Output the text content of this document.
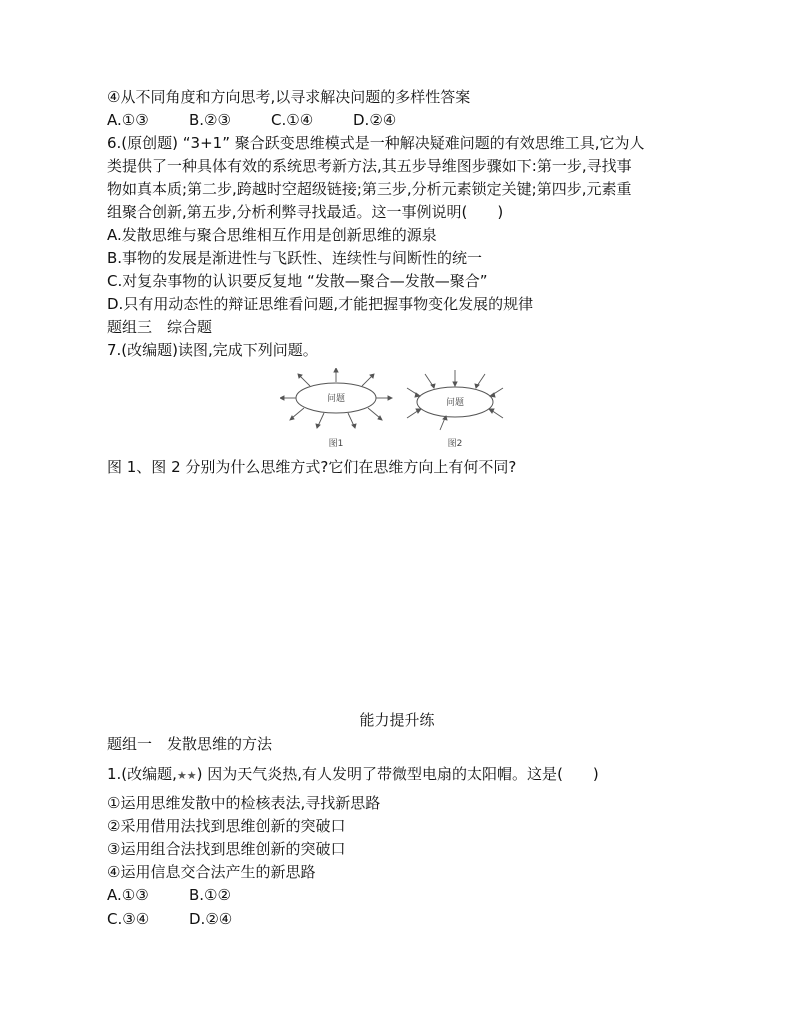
④从不同角度和方向思考,以寻求解决问题的多样性答案
A.①③	B.②③	C.①④	D.②④
6.(原创题) “3+1” 聚合跃变思维模式是一种解决疑难问题的有效思维工具,它为人
类提供了一种具体有效的系统思考新方法,其五步导维图步骤如下:第一步,寻找事
物如真本质;第二步,跨越时空超级链接;第三步,分析元素锁定关键;第四步,元素重
组聚合创新,第五步,分析利弊寻找最适。这一事例说明(　　)
A.发散思维与聚合思维相互作用是创新思维的源泉
B.事物的发展是渐进性与飞跃性、连续性与间断性的统一
C.对复杂事物的认识要反复地 “发散—聚合—发散—聚合”
D.只有用动态性的辩证思维看问题,才能把握事物变化发展的规律
题组三　综合题
7.(改编题)读图,完成下列问题。
问题
图1
问题
图2
图 1、图 2 分别为什么思维方式?它们在思维方向上有何不同?
能力提升练
题组一　发散思维的方法
1.(改编题,★★) 因为天气炎热,有人发明了带微型电扇的太阳帽。这是(　　)
①运用思维发散中的检核表法,寻找新思路
②采用借用法找到思维创新的突破口
③运用组合法找到思维创新的突破口
④运用信息交合法产生的新思路
A.①③	B.①②
C.③④	D.②④
